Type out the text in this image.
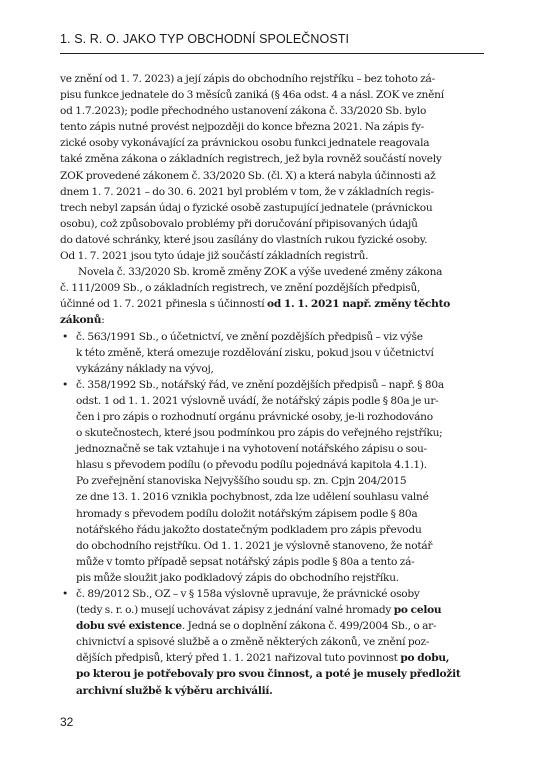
1. S. R. O. JAKO TYP OBCHODNÍ SPOLEČNOSTI
ve znění od 1. 7. 2023) a její zápis do obchodního rejstříku – bez tohoto zá-
pisu funkce jednatele do 3 měsíců zaniká (§ 46a odst. 4 a násl. ZOK ve znění
od 1.7.2023); podle přechodného ustanovení zákona č. 33/2020 Sb. bylo
tento zápis nutné provést nejpozději do konce března 2021. Na zápis fy-
zické osoby vykonávající za právnickou osobu funkci jednatele reagovala
také změna zákona o základních registrech, jež byla rovněž součástí novely
ZOK provedené zákonem č. 33/2020 Sb. (čl. X) a která nabyla účinnosti až
dnem 1. 7. 2021 – do 30. 6. 2021 byl problém v tom, že v základních regis-
trech nebyl zapsán údaj o fyzické osobě zastupující jednatele (právnickou
osobu), což způsobovalo problémy při doručování připisovaných údajů
do datové schránky, které jsou zasílány do vlastních rukou fyzické osoby.
Od 1. 7. 2021 jsou tyto údaje již součástí základních registrů.
Novela č. 33/2020 Sb. kromě změny ZOK a výše uvedené změny zákona
č. 111/2009 Sb., o základních registrech, ve znění pozdějších předpisů,
účinné od 1. 7. 2021 přinesla s účinností od 1. 1. 2021 např. změny těchto
zákonů:
• č. 563/1991 Sb., o účetnictví, ve znění pozdějších předpisů – viz výše
k této změně, která omezuje rozdělování zisku, pokud jsou v účetnictví
vykázány náklady na vývoj,
• č. 358/1992 Sb., notářský řád, ve znění pozdějších předpisů – např. § 80a
odst. 1 od 1. 1. 2021 výslovně uvádí, že notářský zápis podle § 80a je ur-
čen i pro zápis o rozhodnutí orgánu právnické osoby, je-li rozhodováno
o skutečnostech, které jsou podmínkou pro zápis do veřejného rejstříku;
jednoznačně se tak vztahuje i na vyhotovení notářského zápisu o sou-
hlasu s převodem podílu (o převodu podílu pojednává kapitola 4.1.1).
Po zveřejnění stanoviska Nejvyššího soudu sp. zn. Cpjn 204/2015
ze dne 13. 1. 2016 vznikla pochybnost, zda lze udělení souhlasu valné
hromady s převodem podílu doložit notářským zápisem podle § 80a
notářského řádu jakožto dostatečným podkladem pro zápis převodu
do obchodního rejstříku. Od 1. 1. 2021 je výslovně stanoveno, že notář
může v tomto případě sepsat notářský zápis podle § 80a a tento zá-
pis může sloužit jako podkladový zápis do obchodního rejstříku.
• č. 89/2012 Sb., OZ – v § 158a výslovně upravuje, že právnické osoby
(tedy s. r. o.) musejí uchovávat zápisy z jednání valné hromady po celou
dobu své existence. Jedná se o doplnění zákona č. 499/2004 Sb., o ar-
chivnictví a spisové službě a o změně některých zákonů, ve znění poz-
dějších předpisů, který před 1. 1. 2021 nařizoval tuto povinnost po dobu,
po kterou je potřebovaly pro svou činnost, a poté je musely předložit
archivní službě k výběru archiválií.
32
